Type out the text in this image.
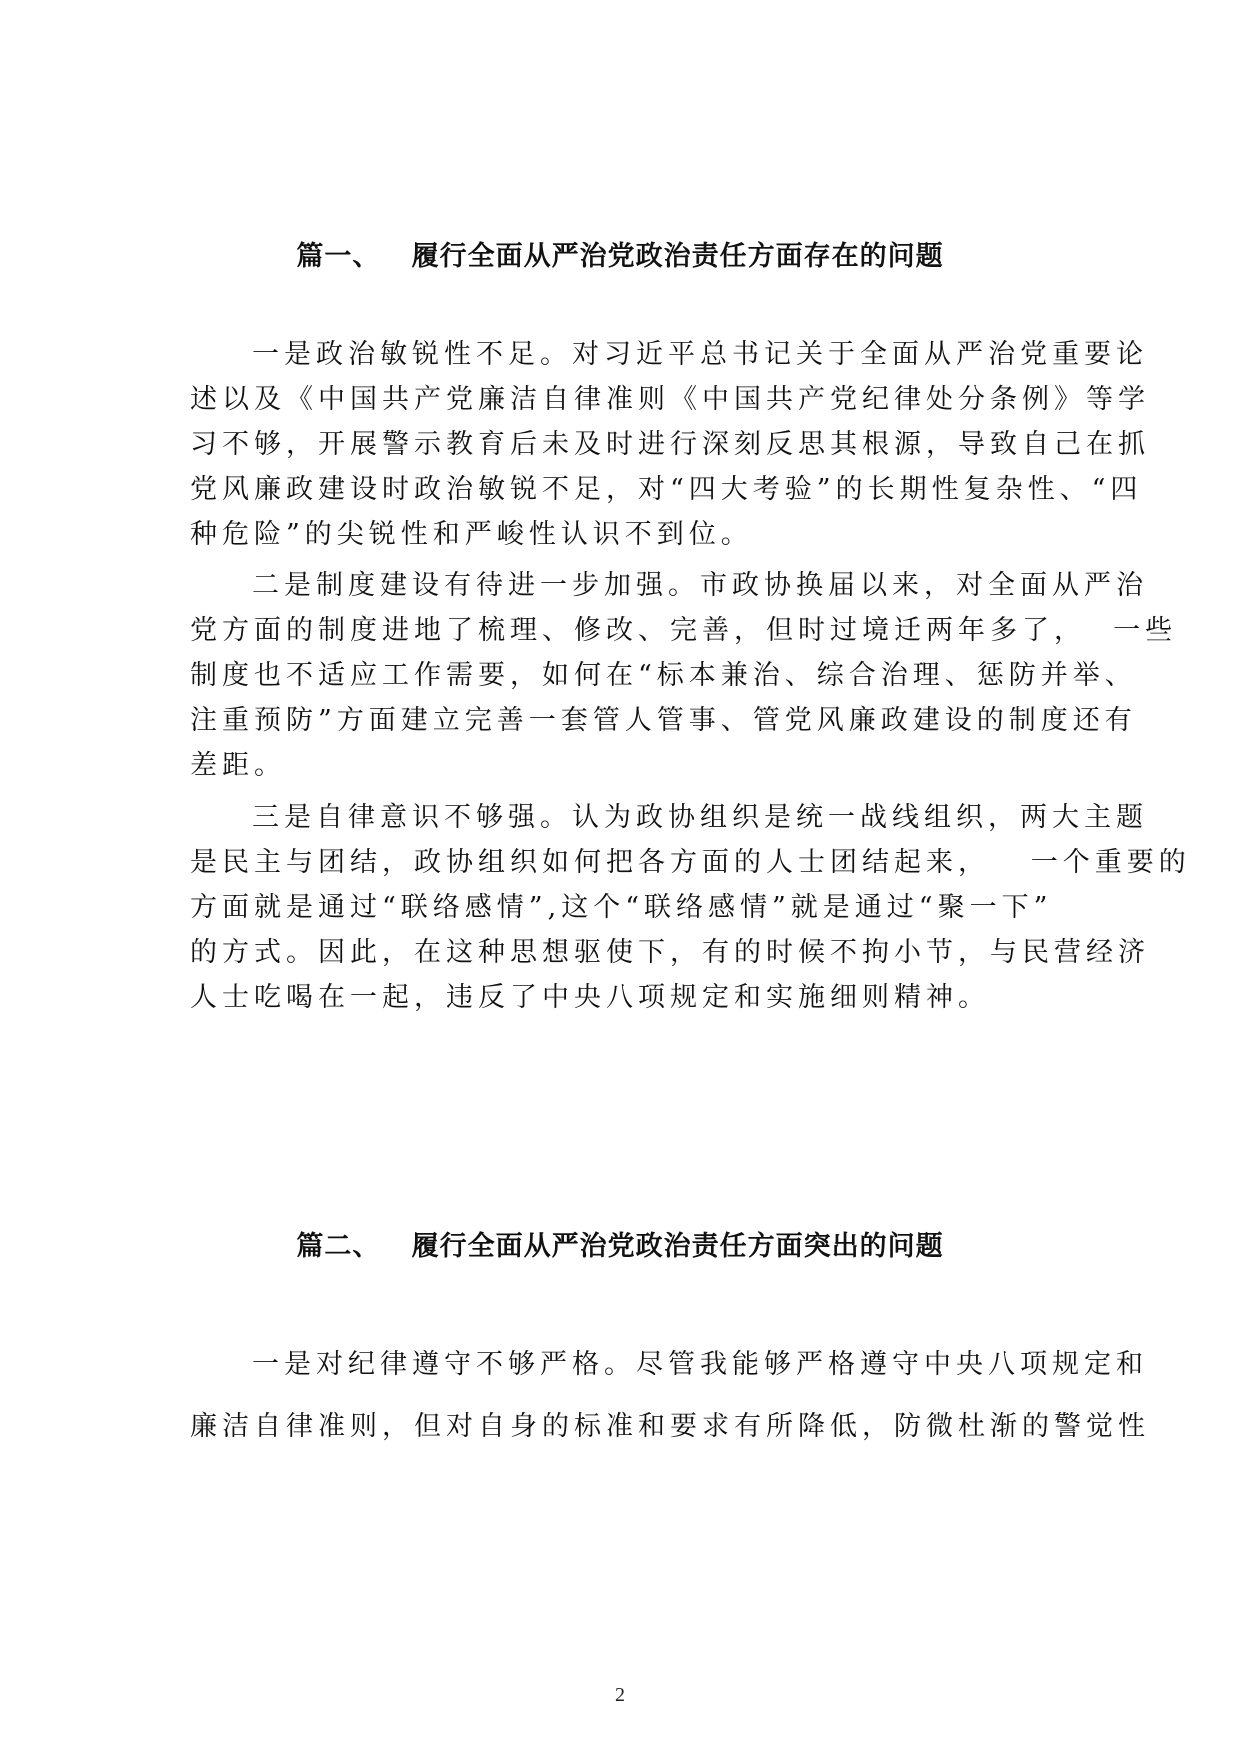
篇一、   履行全面从严治党政治责任方面存在的问题
一是政治敏锐性不足。对习近平总书记关于全面从严治党重要论
述以及《中国共产党廉洁自律准则《中国共产党纪律处分条例》等学
习不够，开展警示教育后未及时进行深刻反思其根源，导致自己在抓
党风廉政建设时政治敏锐不足，对“四大考验”的长期性复杂性、“四
种危险”的尖锐性和严峻性认识不到位。
二是制度建设有待进一步加强。市政协换届以来，对全面从严治
党方面的制度进地了梳理、修改、完善，但时过境迁两年多了，  一些
制度也不适应工作需要，如何在“标本兼治、综合治理、惩防并举、
注重预防”方面建立完善一套管人管事、管党风廉政建设的制度还有
差距。
三是自律意识不够强。认为政协组织是统一战线组织，两大主题
是民主与团结，政协组织如何把各方面的人士团结起来，   一个重要的
方面就是通过“联络感情”,这个“联络感情”就是通过“聚一下”
的方式。因此，在这种思想驱使下，有的时候不拘小节，与民营经济
人士吃喝在一起，违反了中央八项规定和实施细则精神。
篇二、   履行全面从严治党政治责任方面突出的问题
一是对纪律遵守不够严格。尽管我能够严格遵守中央八项规定和
廉洁自律准则，但对自身的标准和要求有所降低，防微杜渐的警觉性
2
